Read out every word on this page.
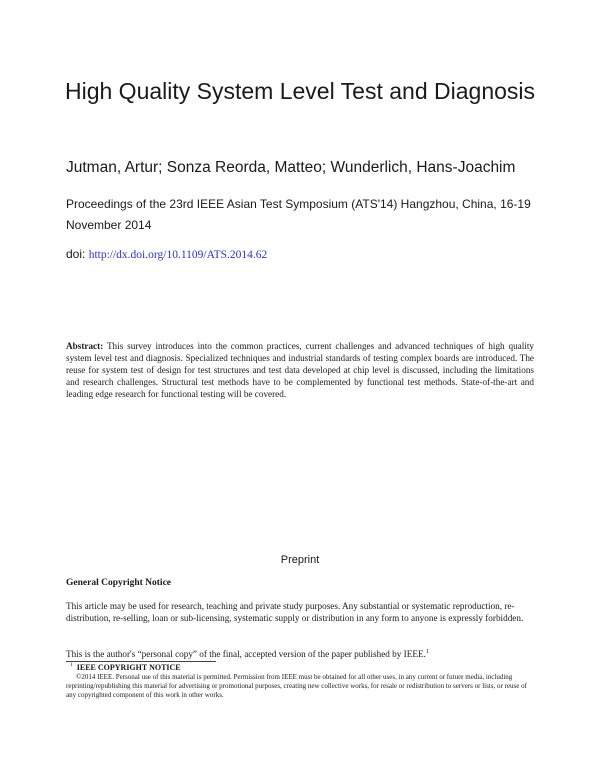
High Quality System Level Test and Diagnosis
Jutman, Artur; Sonza Reorda, Matteo; Wunderlich, Hans-Joachim
Proceedings of the 23rd IEEE Asian Test Symposium (ATS'14) Hangzhou, China, 16-19 November 2014
doi: http://dx.doi.org/10.1109/ATS.2014.62
Abstract: This survey introduces into the common practices, current challenges and advanced techniques of high quality system level test and diagnosis. Specialized techniques and industrial standards of testing complex boards are introduced. The reuse for system test of design for test structures and test data developed at chip level is discussed, including the limitations and research challenges. Structural test methods have to be complemented by functional test methods. State-of-the-art and leading edge research for functional testing will be covered.
Preprint
General Copyright Notice
This article may be used for research, teaching and private study purposes. Any substantial or systematic reproduction, re-distribution, re-selling, loan or sub-licensing, systematic supply or distribution in any form to anyone is expressly forbidden.
This is the author's “personal copy” of the final, accepted version of the paper published by IEEE.$^1$
$^1$ IEEE COPYRIGHT NOTICE
©2014 IEEE. Personal use of this material is permitted. Permission from IEEE must be obtained for all other uses, in any current or future media, including reprinting/republishing this material for advertising or promotional purposes, creating new collective works, for resale or redistribution to servers or lists, or reuse of any copyrighted component of this work in other works.
